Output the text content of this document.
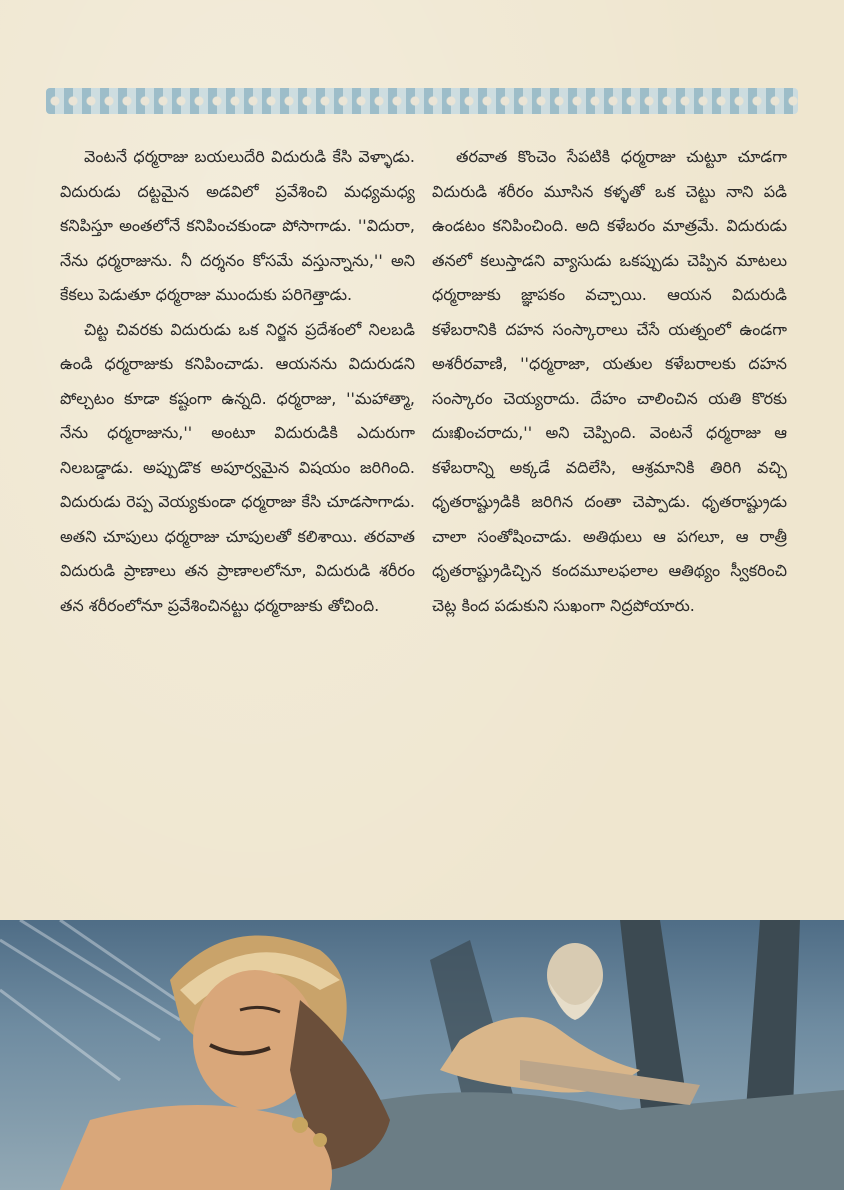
వెంటనే ధర్మరాజు బయలుదేరి విదురుడి కేసి వెళ్ళాడు. విదురుడు దట్టమైన అడవిలో ప్రవేశించి మధ్యమధ్య కనిపిస్తూ అంతలోనే కనిపించకుండా పోసాగాడు. ''విదురా, నేను ధర్మరాజును. నీ దర్శనం కోసమే వస్తున్నాను,'' అని కేకలు పెడుతూ ధర్మరాజు ముందుకు పరిగెత్తాడు.

చిట్ట చివరకు విదురుడు ఒక నిర్జన ప్రదేశంలో నిలబడి ఉండి ధర్మరాజుకు కనిపించాడు. ఆయనను విదురుడని పోల్చటం కూడా కష్టంగా ఉన్నది. ధర్మరాజు, ''మహాత్మా, నేను ధర్మరాజును,'' అంటూ విదురుడికి ఎదురుగా నిలబడ్డాడు. అప్పుడొక అపూర్వమైన విషయం జరిగింది. విదురుడు రెప్ప వెయ్యకుండా ధర్మరాజు కేసి చూడసాగాడు. అతని చూపులు ధర్మరాజు చూపులతో కలిశాయి. తరవాత విదురుడి ప్రాణాలు తన ప్రాణాలలోనూ, విదురుడి శరీరం తన శరీరంలోనూ ప్రవేశించినట్టు ధర్మరాజుకు తోచింది.

తరవాత కొంచెం సేపటికి ధర్మరాజు చుట్టూ చూడగా విదురుడి శరీరం మూసిన కళ్ళతో ఒక చెట్టు నాని పడి ఉండటం కనిపించింది. అది కళేబరం మాత్రమే. విదురుడు తనలో కలుస్తాడని వ్యాసుడు ఒకప్పుడు చెప్పిన మాటలు ధర్మరాజుకు జ్ఞాపకం వచ్చాయి. ఆయన విదురుడి కళేబరానికి దహన సంస్కారాలు చేసే యత్నంలో ఉండగా అశరీరవాణి, ''ధర్మరాజా, యతుల కళేబరాలకు దహన సంస్కారం చెయ్యరాదు. దేహం చాలించిన యతి కొరకు దుఃఖించరాదు,'' అని చెప్పింది. వెంటనే ధర్మరాజు ఆ కళేబరాన్ని అక్కడే వదిలేసి, ఆశ్రమానికి తిరిగి వచ్చి ధృతరాష్ట్రుడికి జరిగిన దంతా చెప్పాడు. ధృతరాష్ట్రుడు చాలా సంతోషించాడు. అతిథులు ఆ పగలూ, ఆ రాత్రీ ధృతరాష్ట్రుడిచ్చిన కందమూలఫలాల ఆతిథ్యం స్వీకరించి చెట్ల కింద పడుకుని సుఖంగా నిద్రపోయారు.
